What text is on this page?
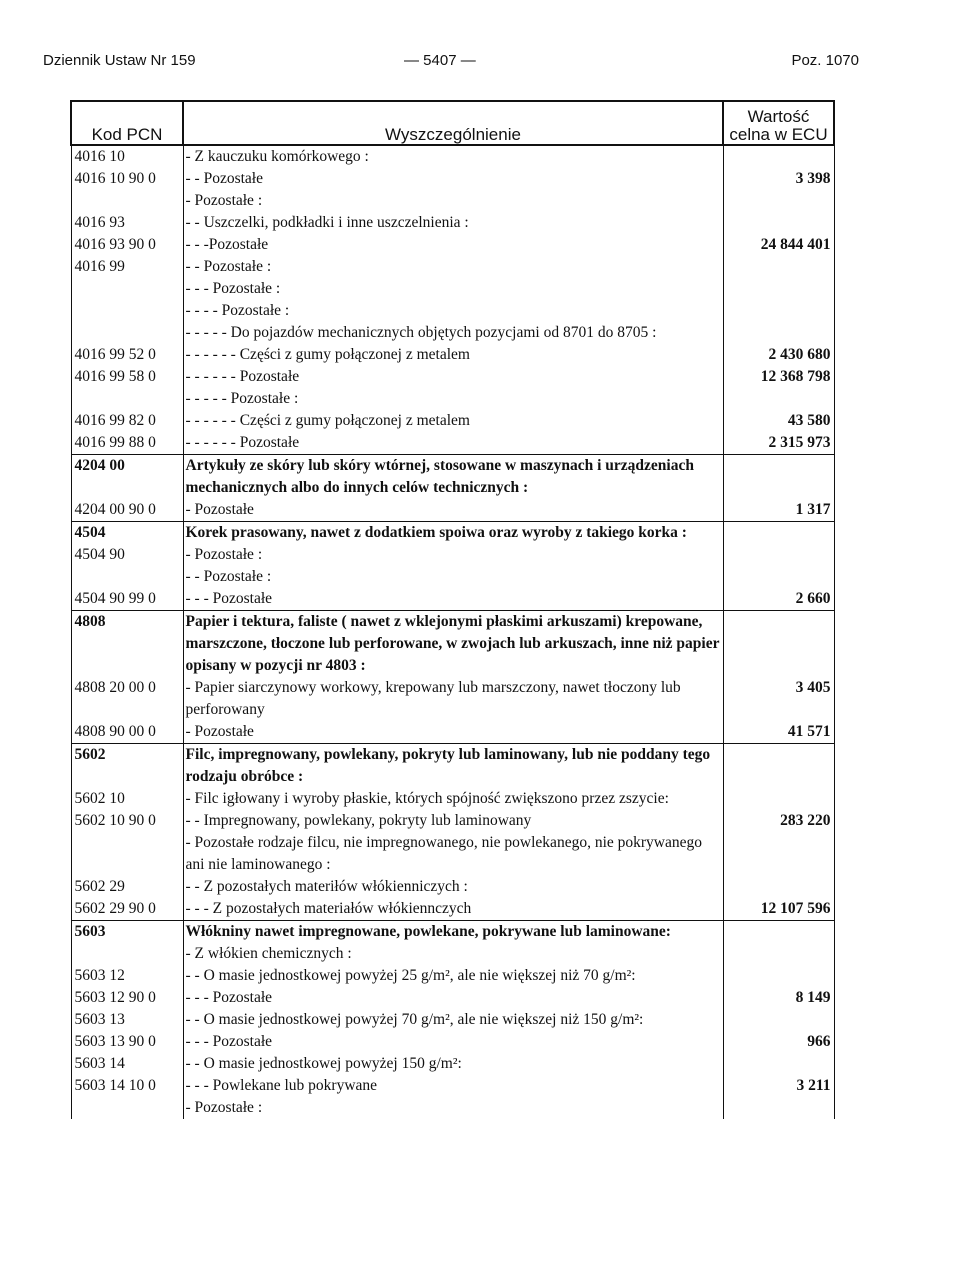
Dziennik Ustaw Nr 159	— 5407 —	Poz. 1070
Kod PCN	Wyszczególnienie	Wartość
celna w ECU

4016 10	- Z kauczuku komórkowego :	
4016 10 90 0	- - Pozostałe	3 398
	- Pozostałe :	
4016 93	- - Uszczelki, podkładki i inne uszczelnienia :	
4016 93 90 0	- - -Pozostałe	24 844 401
4016 99	- - Pozostałe :	
	- - - Pozostałe :	
	- - - - Pozostałe :	
	- - - - - Do pojazdów mechanicznych objętych pozycjami od 8701 do 8705 :	
4016 99 52 0	- - - - - - Części z gumy połączonej z metalem	2 430 680
4016 99 58 0	- - - - - - Pozostałe	12 368 798
	- - - - - Pozostałe :	
4016 99 82 0	- - - - - - Części z gumy połączonej z metalem	43 580
4016 99 88 0	- - - - - - Pozostałe	2 315 973
4204 00	Artykuły ze skóry lub skóry wtórnej, stosowane w maszynach i urządzeniach mechanicznych albo do innych celów technicznych :	
4204 00 90 0	- Pozostałe	1 317
4504	Korek prasowany, nawet z dodatkiem spoiwa oraz wyroby z takiego korka :	
4504 90	- Pozostałe :	
	- - Pozostałe :	
4504 90 99 0	- - - Pozostałe	2 660
4808	Papier i tektura, faliste ( nawet z wklejonymi płaskimi arkuszami) krepowane, marszczone, tłoczone lub perforowane, w zwojach lub arkuszach, inne niż papier opisany w pozycji nr 4803 :	
4808 20 00 0	- Papier siarczynowy workowy, krepowany lub marszczony, nawet tłoczony lub perforowany	3 405
4808 90 00 0	- Pozostałe	41 571
5602	Filc, impregnowany, powlekany, pokryty lub laminowany, lub nie poddany tego rodzaju obróbce :	
5602 10	- Filc igłowany i wyroby płaskie, których spójność zwiększono przez zszycie:	
5602 10 90 0	- - Impregnowany, powlekany, pokryty lub laminowany	283 220
	- Pozostałe rodzaje filcu, nie impregnowanego, nie powlekanego, nie pokrywanego ani nie laminowanego :	
5602 29	- - Z pozostałych materiłów włókienniczych :	
5602 29 90 0	- - - Z pozostałych materiałów włókiennczych	12 107 596
5603	Włókniny nawet impregnowane, powlekane, pokrywane lub laminowane:	
	- Z włókien chemicznych :	
5603 12	- - O masie jednostkowej powyżej 25 g/m², ale nie większej niż 70 g/m²:	
5603 12 90 0	- - - Pozostałe	8 149
5603 13	- - O masie jednostkowej powyżej 70 g/m², ale nie większej niż 150 g/m²:	
5603 13 90 0	- - - Pozostałe	966
5603 14	- - O masie jednostkowej powyżej 150 g/m²:	
5603 14 10 0	- - - Powlekane lub pokrywane	3 211
	- Pozostałe :	
